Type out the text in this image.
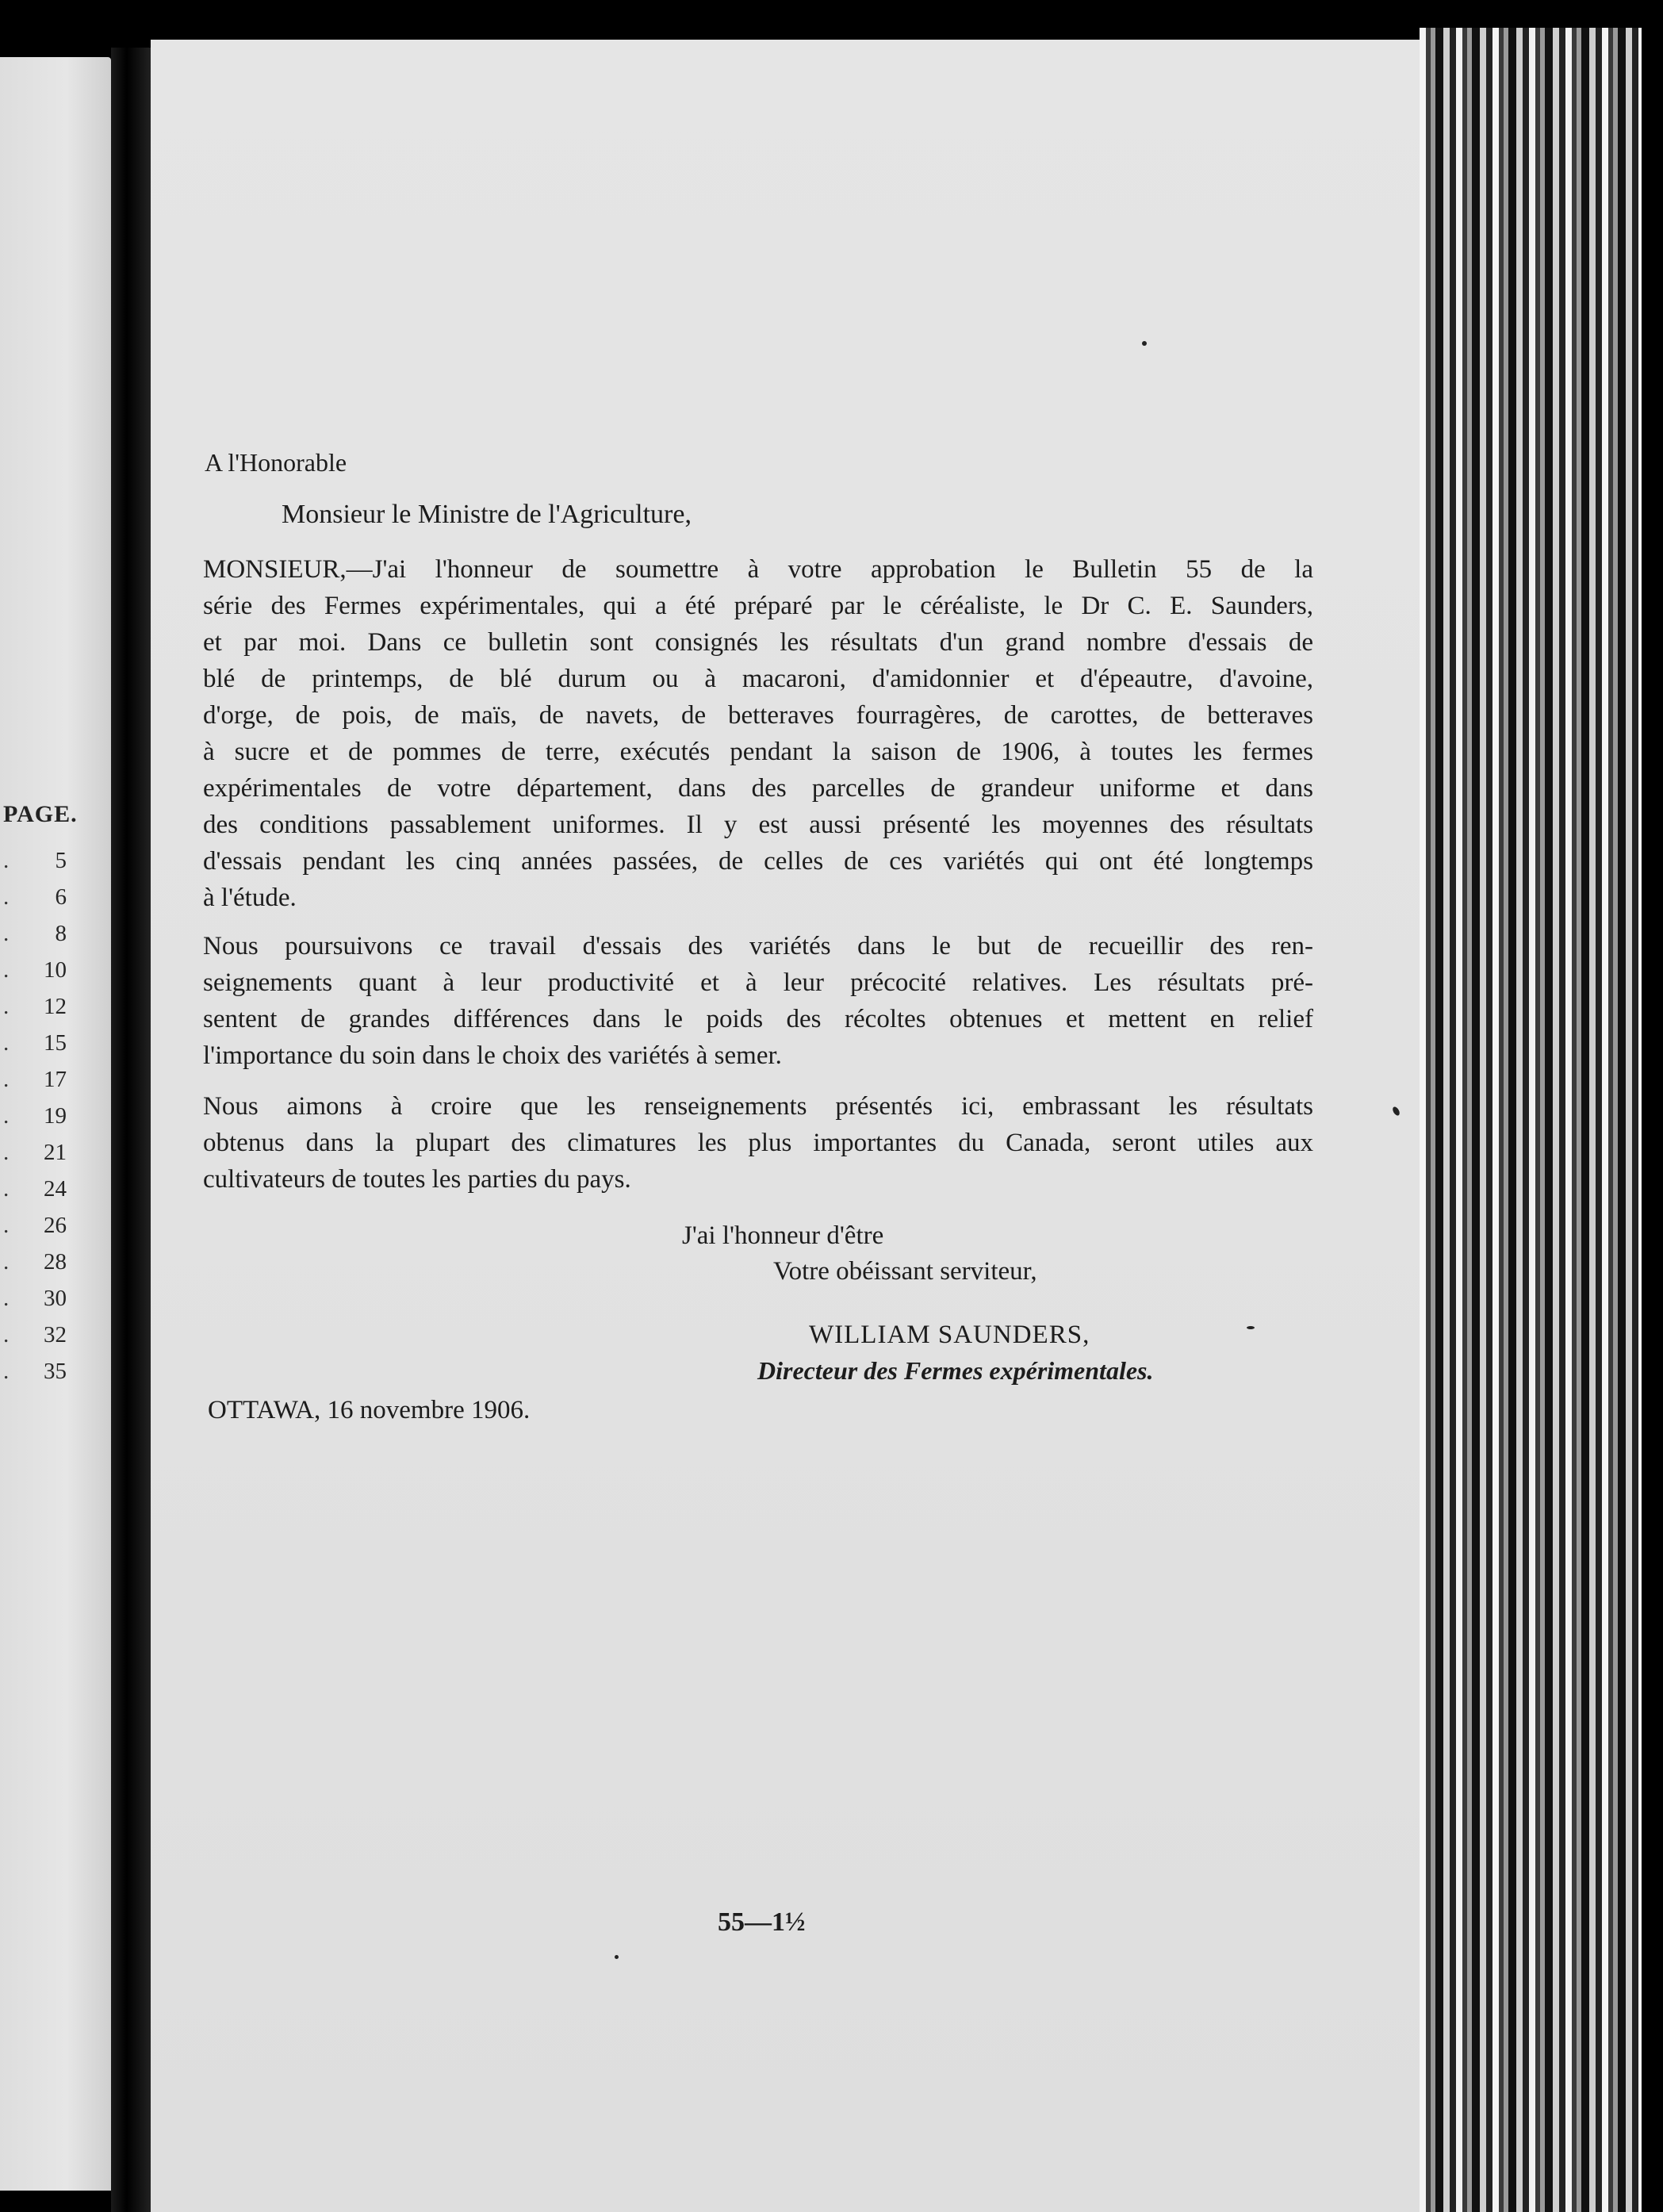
PAGE.
. 5
. 6
. 8
. 10
. 12
. 15
. 17
. 19
. 21
. 24
. 26
. 28
. 30
. 32
. 35
A l'Honorable
Monsieur le Ministre de l'Agriculture,
MONSIEUR,—J'ai l'honneur de soumettre à votre approbation le Bulletin 55 de la
série des Fermes expérimentales, qui a été préparé par le céréaliste, le Dr C. E. Saunders,
et par moi. Dans ce bulletin sont consignés les résultats d'un grand nombre d'essais de
blé de printemps, de blé durum ou à macaroni, d'amidonnier et d'épeautre, d'avoine,
d'orge, de pois, de maïs, de navets, de betteraves fourragères, de carottes, de betteraves
à sucre et de pommes de terre, exécutés pendant la saison de 1906, à toutes les fermes
expérimentales de votre département, dans des parcelles de grandeur uniforme et dans
des conditions passablement uniformes. Il y est aussi présenté les moyennes des résultats
d'essais pendant les cinq années passées, de celles de ces variétés qui ont été longtemps
à l'étude.
Nous poursuivons ce travail d'essais des variétés dans le but de recueillir des ren-
seignements quant à leur productivité et à leur précocité relatives. Les résultats pré-
sentent de grandes différences dans le poids des récoltes obtenues et mettent en relief
l'importance du soin dans le choix des variétés à semer.
Nous aimons à croire que les renseignements présentés ici, embrassant les résultats
obtenus dans la plupart des climatures les plus importantes du Canada, seront utiles aux
cultivateurs de toutes les parties du pays.
J'ai l'honneur d'être
Votre obéissant serviteur,
WILLIAM SAUNDERS,
Directeur des Fermes expérimentales.
OTTAWA, 16 novembre 1906.
55—1½
